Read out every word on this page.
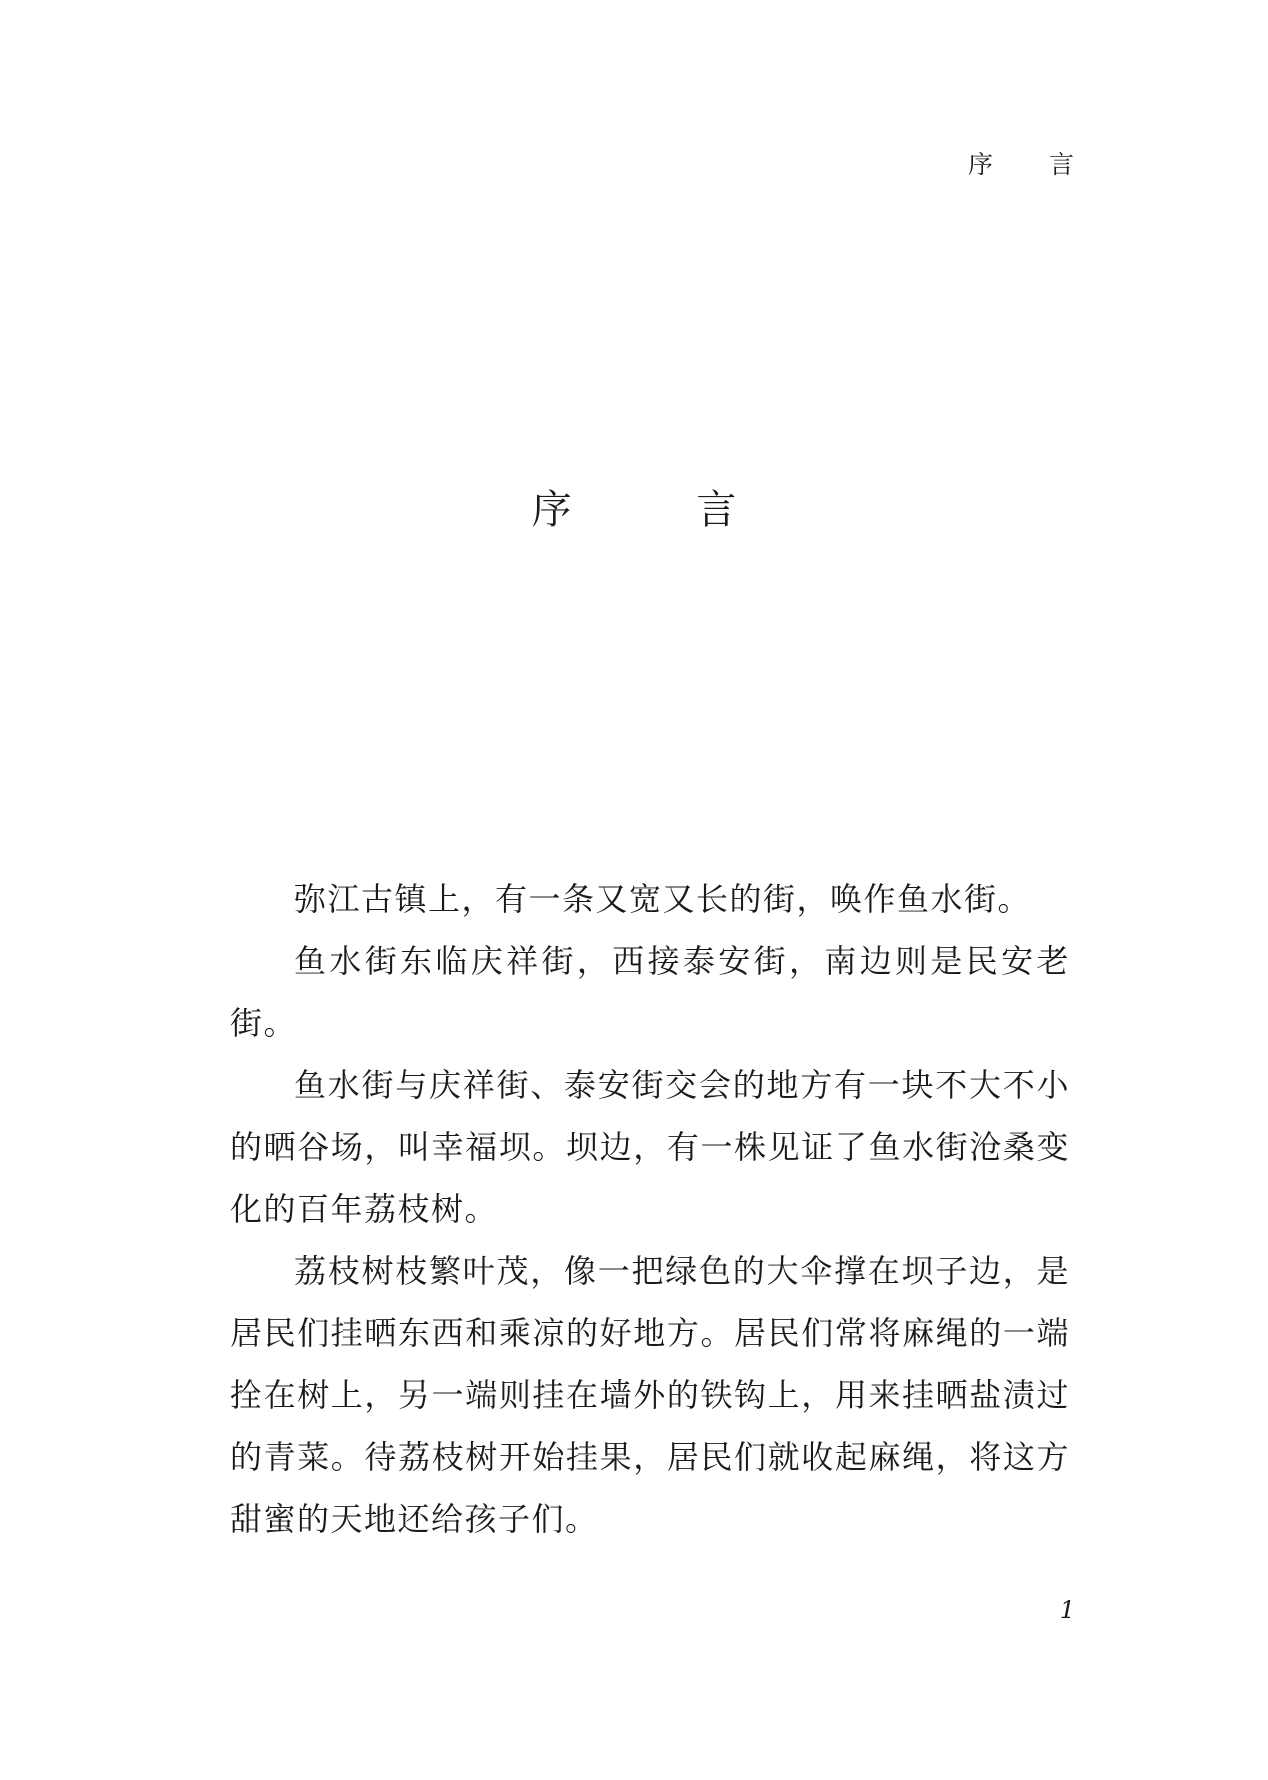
序 言
序 言

弥江古镇上，有一条又宽又长的街，唤作鱼水街。

鱼水街东临庆祥街，西接泰安街，南边则是民安老街。

鱼水街与庆祥街、泰安街交会的地方有一块不大不小的晒谷场，叫幸福坝。坝边，有一株见证了鱼水街沧桑变化的百年荔枝树。

荔枝树枝繁叶茂，像一把绿色的大伞撑在坝子边，是居民们挂晒东西和乘凉的好地方。居民们常将麻绳的一端拴在树上，另一端则挂在墙外的铁钩上，用来挂晒盐渍过的青菜。待荔枝树开始挂果，居民们就收起麻绳，将这方甜蜜的天地还给孩子们。

1
